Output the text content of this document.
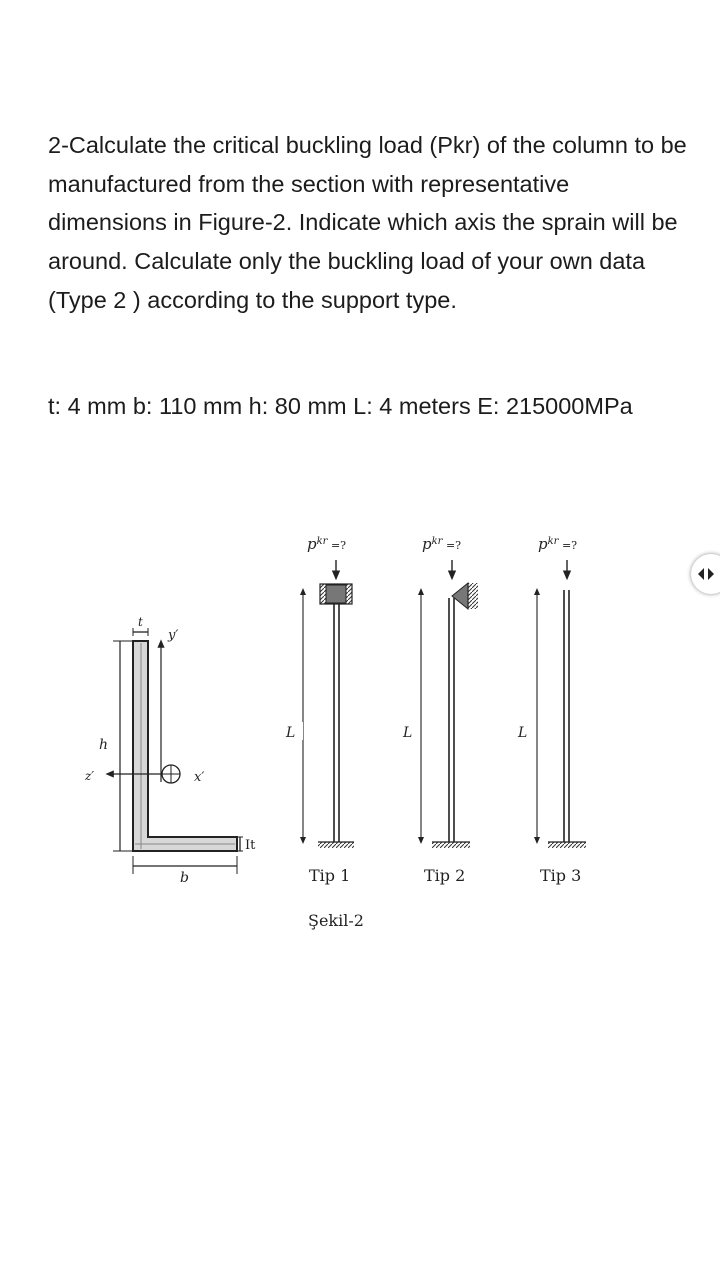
2-Calculate the critical buckling load (Pkr) of the column to be manufactured from the section with representative dimensions in Figure-2. Indicate which axis the sprain will be around. Calculate only the buckling load of your own data (Type 2 ) according to the support type.

t: 4 mm b: 110 mm h: 80 mm L: 4 meters E: 215000MPa

t
y′
h
z′	x′
It
b
$p^{kr}$ $_{=?}$
L
Tip 1
$p^{kr}$ $_{=?}$
L
Tip 2
$p^{kr}$ $_{=?}$
L
Tip 3
Şekil-2
